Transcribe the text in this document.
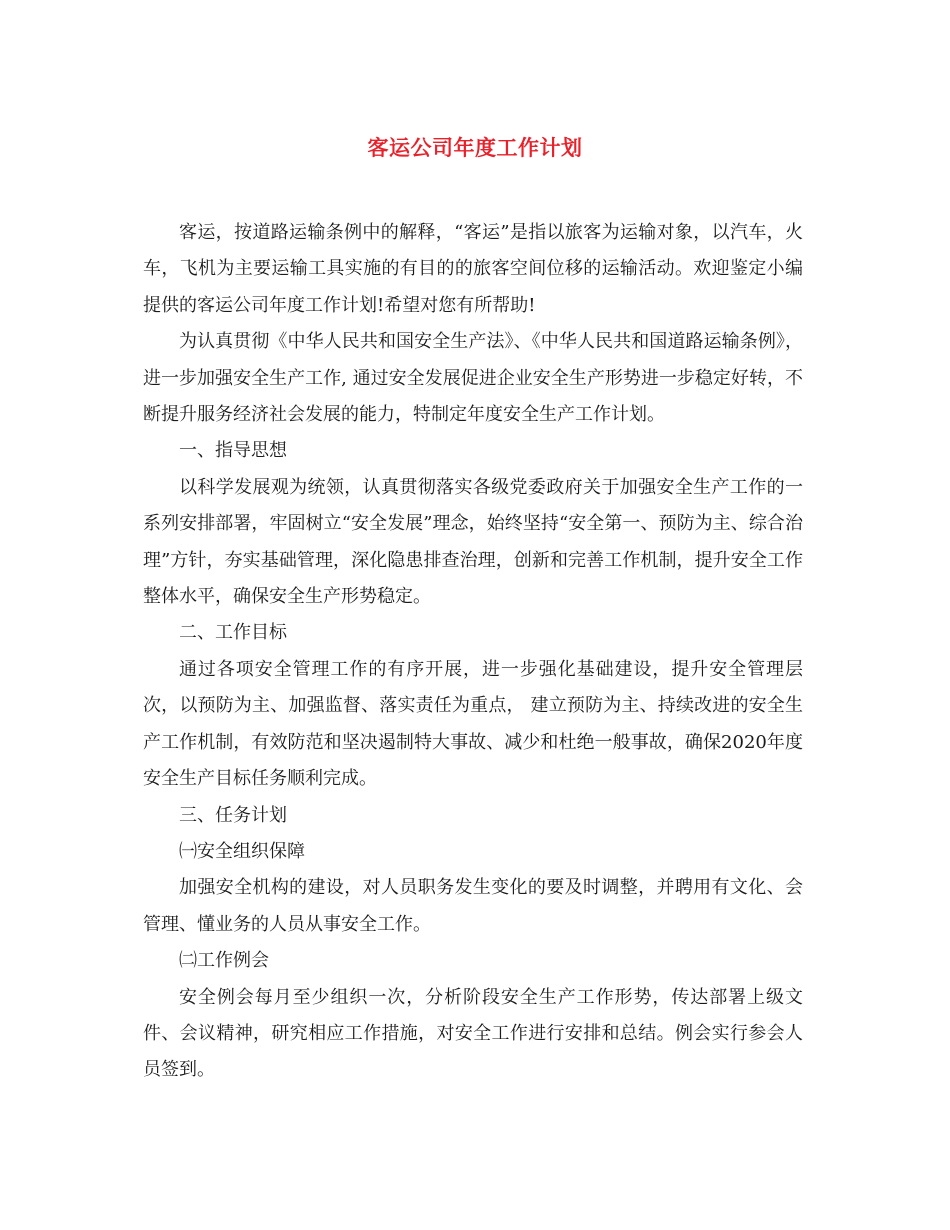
客运公司年度工作计划

客运，按道路运输条例中的解释，“客运”是指以旅客为运输对象，以汽车，火车，飞机为主要运输工具实施的有目的的旅客空间位移的运输活动。欢迎鉴定小编提供的客运公司年度工作计划!希望对您有所帮助!

为认真贯彻《中华人民共和国安全生产法》、《中华人民共和国道路运输条例》，进一步加强安全生产工作, 通过安全发展促进企业安全生产形势进一步稳定好转，不断提升服务经济社会发展的能力，特制定年度安全生产工作计划。

一、指导思想

以科学发展观为统领，认真贯彻落实各级党委政府关于加强安全生产工作的一系列安排部署，牢固树立“安全发展”理念，始终坚持“安全第一、预防为主、综合治理”方针，夯实基础管理，深化隐患排查治理，创新和完善工作机制，提升安全工作整体水平，确保安全生产形势稳定。

二、工作目标

通过各项安全管理工作的有序开展，进一步强化基础建设，提升安全管理层次，以预防为主、加强监督、落实责任为重点， 建立预防为主、持续改进的安全生产工作机制，有效防范和坚决遏制特大事故、减少和杜绝一般事故，确保2020年度安全生产目标任务顺利完成。

三、任务计划

㈠安全组织保障

加强安全机构的建设，对人员职务发生变化的要及时调整，并聘用有文化、会管理、懂业务的人员从事安全工作。

㈡工作例会

安全例会每月至少组织一次，分析阶段安全生产工作形势，传达部署上级文件、会议精神，研究相应工作措施，对安全工作进行安排和总结。例会实行参会人员签到。
